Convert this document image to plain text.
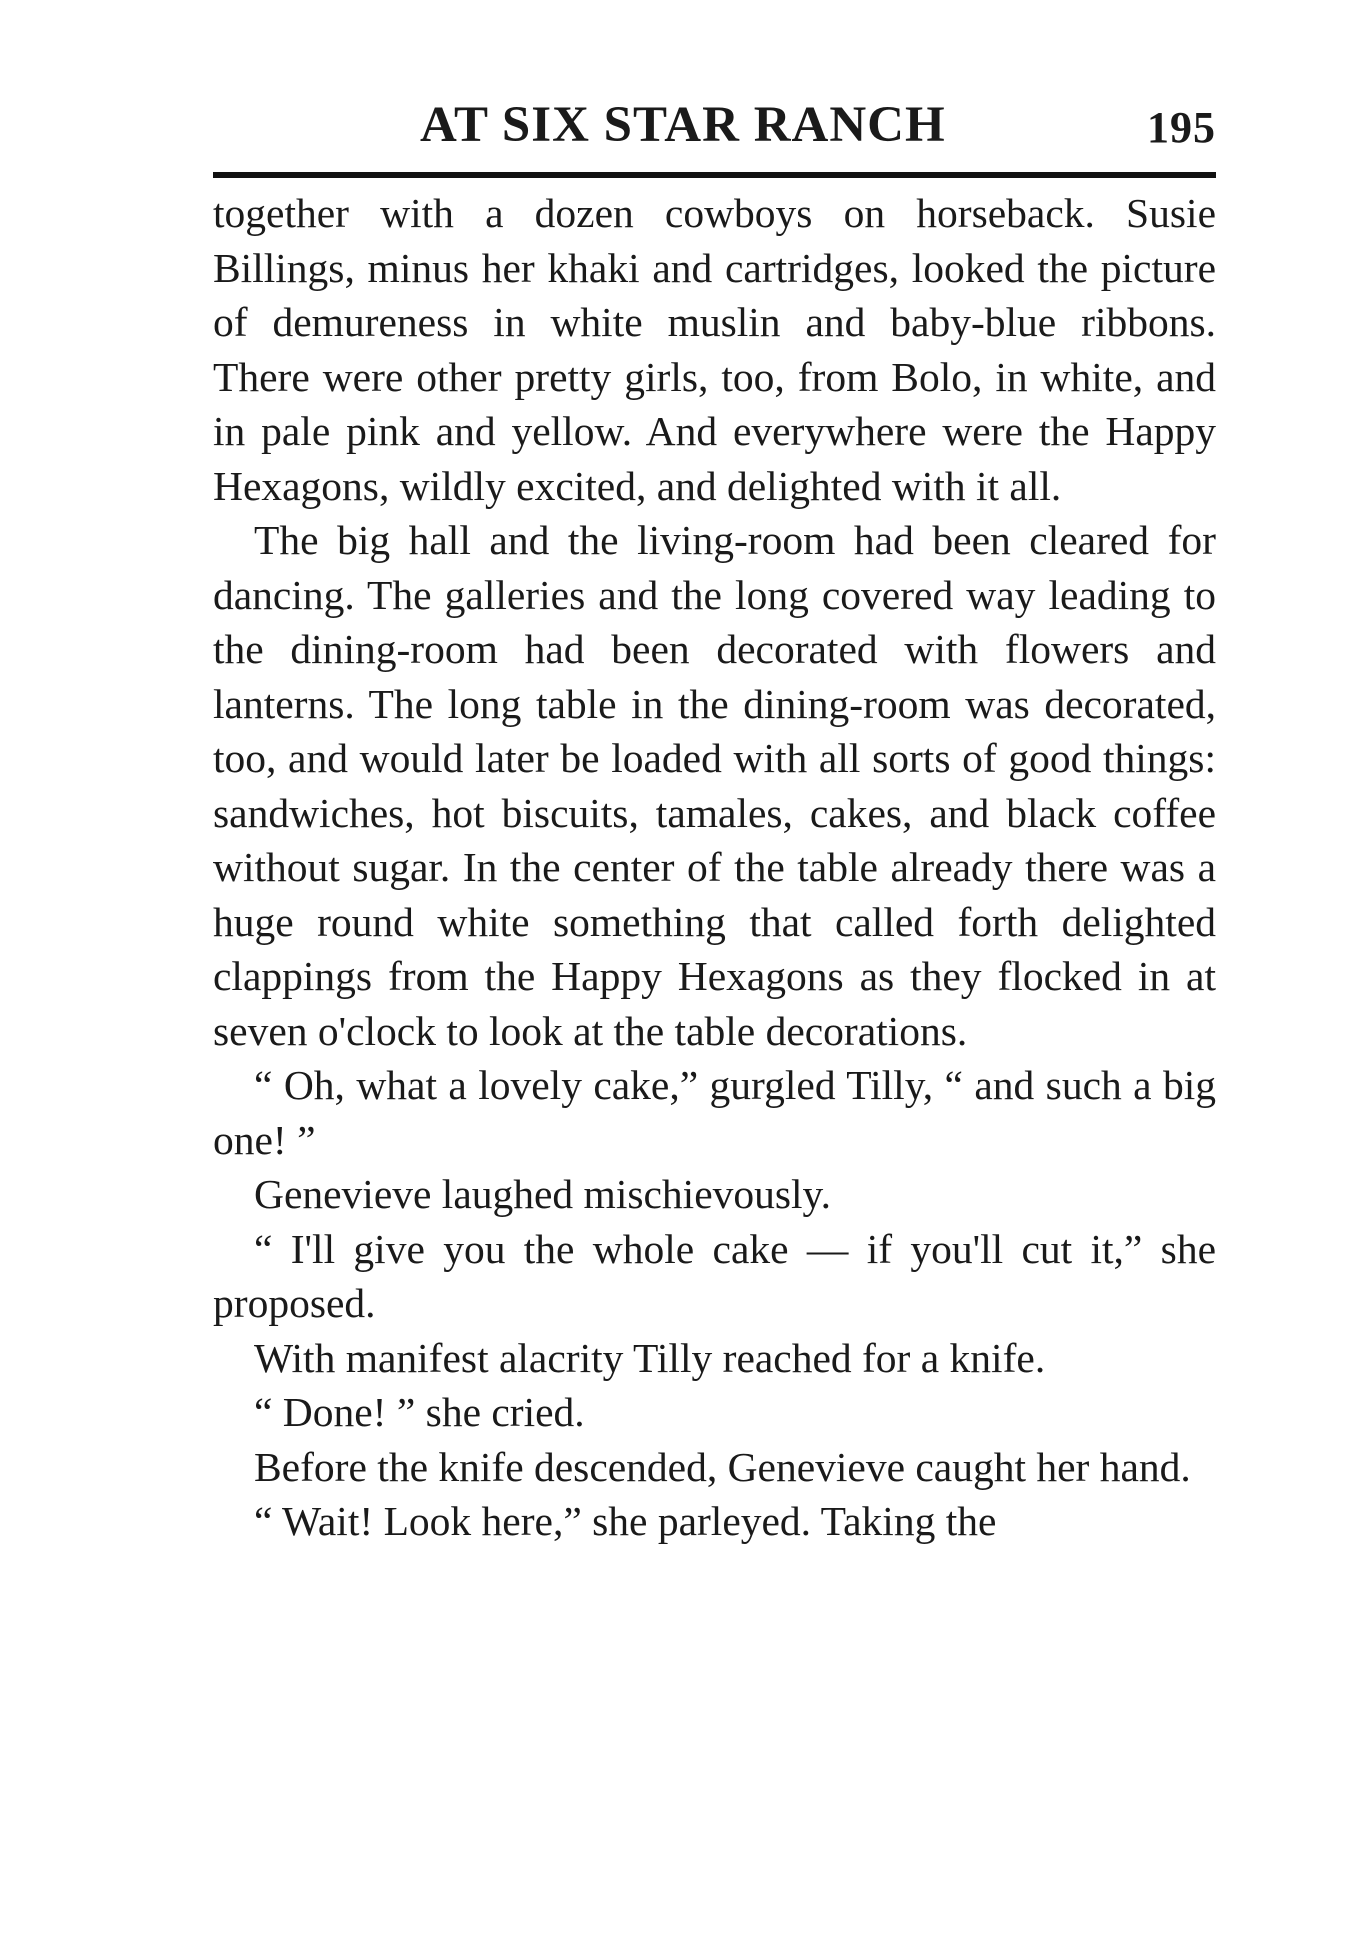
AT SIX STAR RANCH	195

together with a dozen cowboys on horseback. Susie Billings, minus her khaki and cartridges, looked the picture of demureness in white muslin and baby-blue ribbons. There were other pretty girls, too, from Bolo, in white, and in pale pink and yellow. And everywhere were the Happy Hexagons, wildly excited, and delighted with it all.

The big hall and the living-room had been cleared for dancing. The galleries and the long covered way leading to the dining-room had been decorated with flowers and lanterns. The long table in the dining-room was decorated, too, and would later be loaded with all sorts of good things: sandwiches, hot biscuits, tamales, cakes, and black coffee without sugar. In the center of the table already there was a huge round white something that called forth delighted clappings from the Happy Hexagons as they flocked in at seven o'clock to look at the table decorations.

“ Oh, what a lovely cake,” gurgled Tilly, “ and such a big one! ”

Genevieve laughed mischievously.

“ I'll give you the whole cake — if you'll cut it,” she proposed.

With manifest alacrity Tilly reached for a knife.

“ Done! ” she cried.

Before the knife descended, Genevieve caught her hand.

“ Wait! Look here,” she parleyed. Taking the
